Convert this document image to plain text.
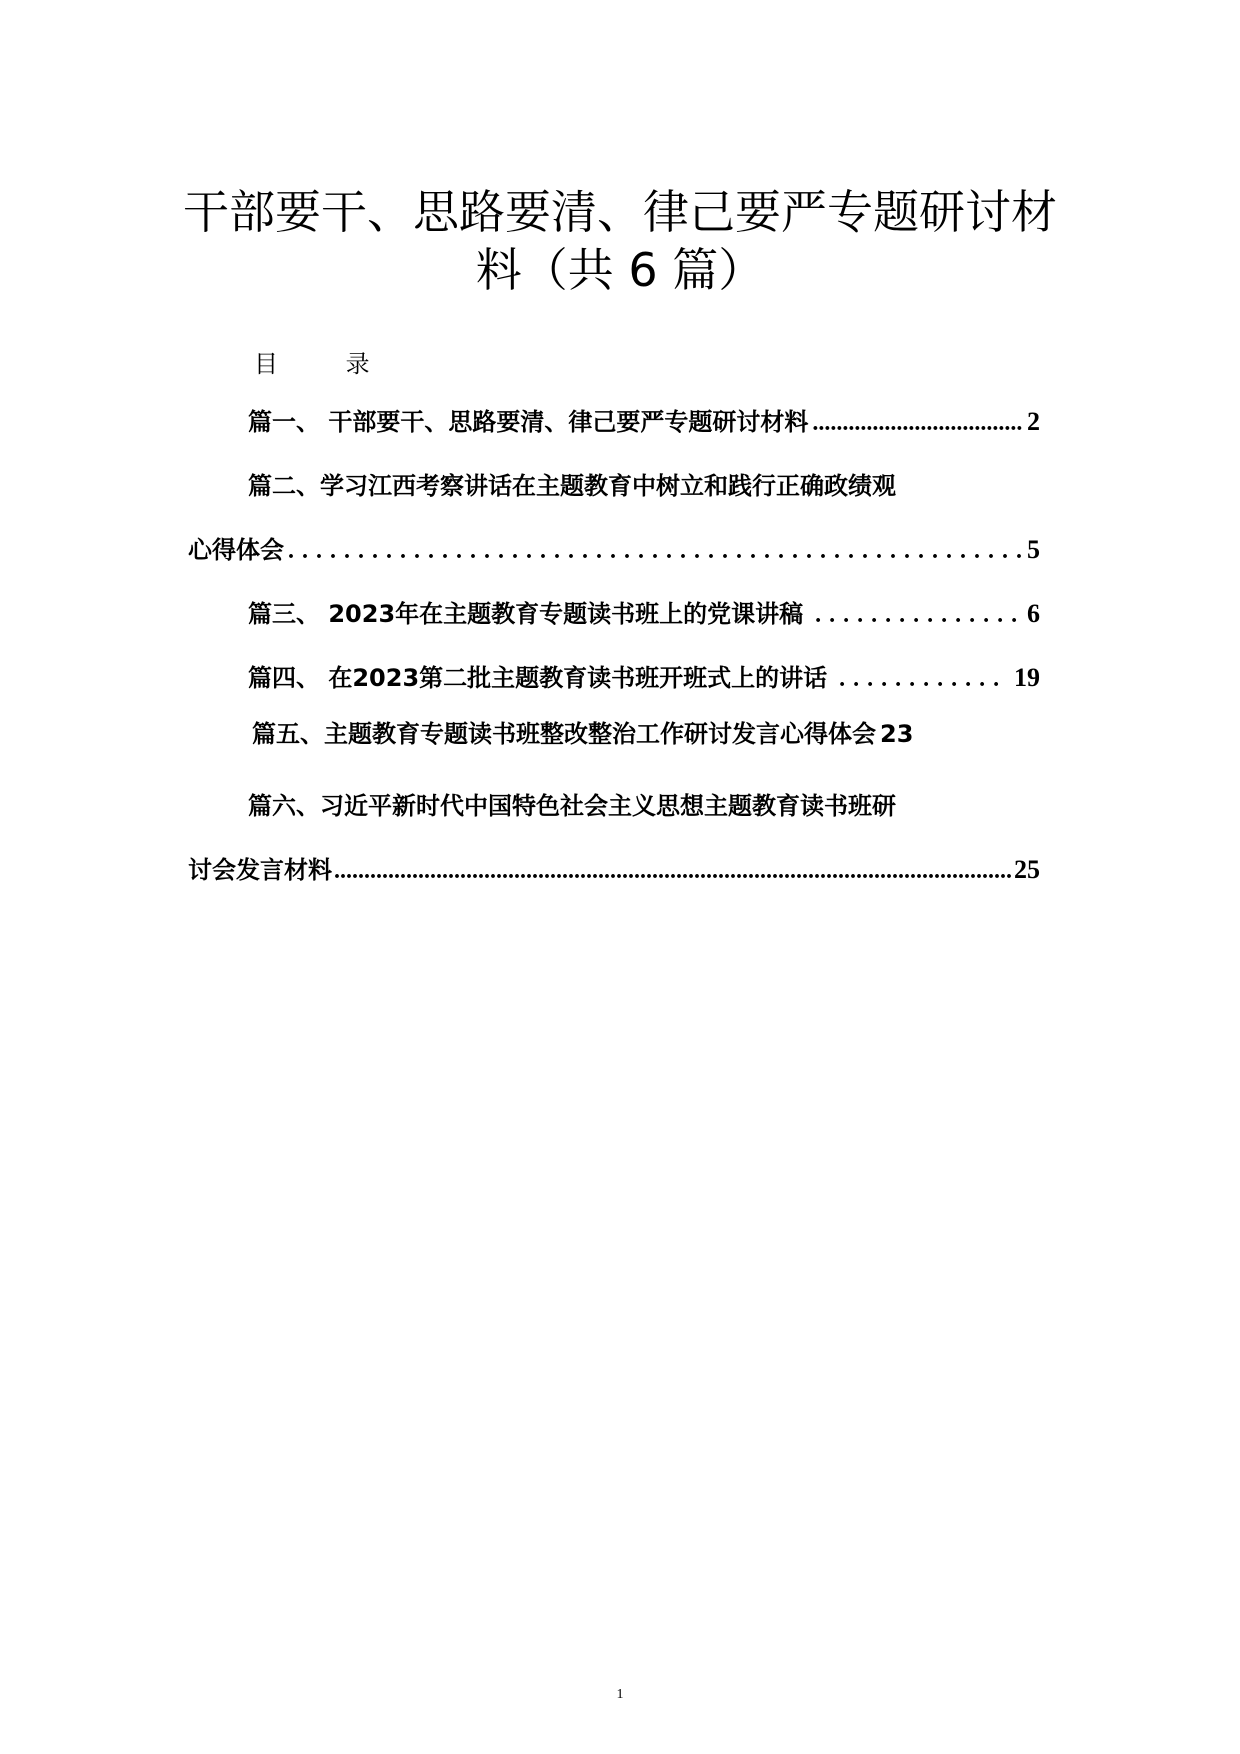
干部要干、思路要清、律己要严专题研讨材
料（共 6 篇）
目 录
篇一、 干部要干、思路要清、律己要严专题研讨材料 .....	2
篇二、学习江西考察讲话在主题教育中树立和践行正确政绩观
心得体会 .....	5
篇三、 2023年在主题教育专题读书班上的党课讲稿 .....	6
篇四、 在2023第二批主题教育读书班开班式上的讲话 .....	19
篇五、主题教育专题读书班整改整治工作研讨发言心得体会 23
篇六、习近平新时代中国特色社会主义思想主题教育读书班研
讨会发言材料 .....	25
1
